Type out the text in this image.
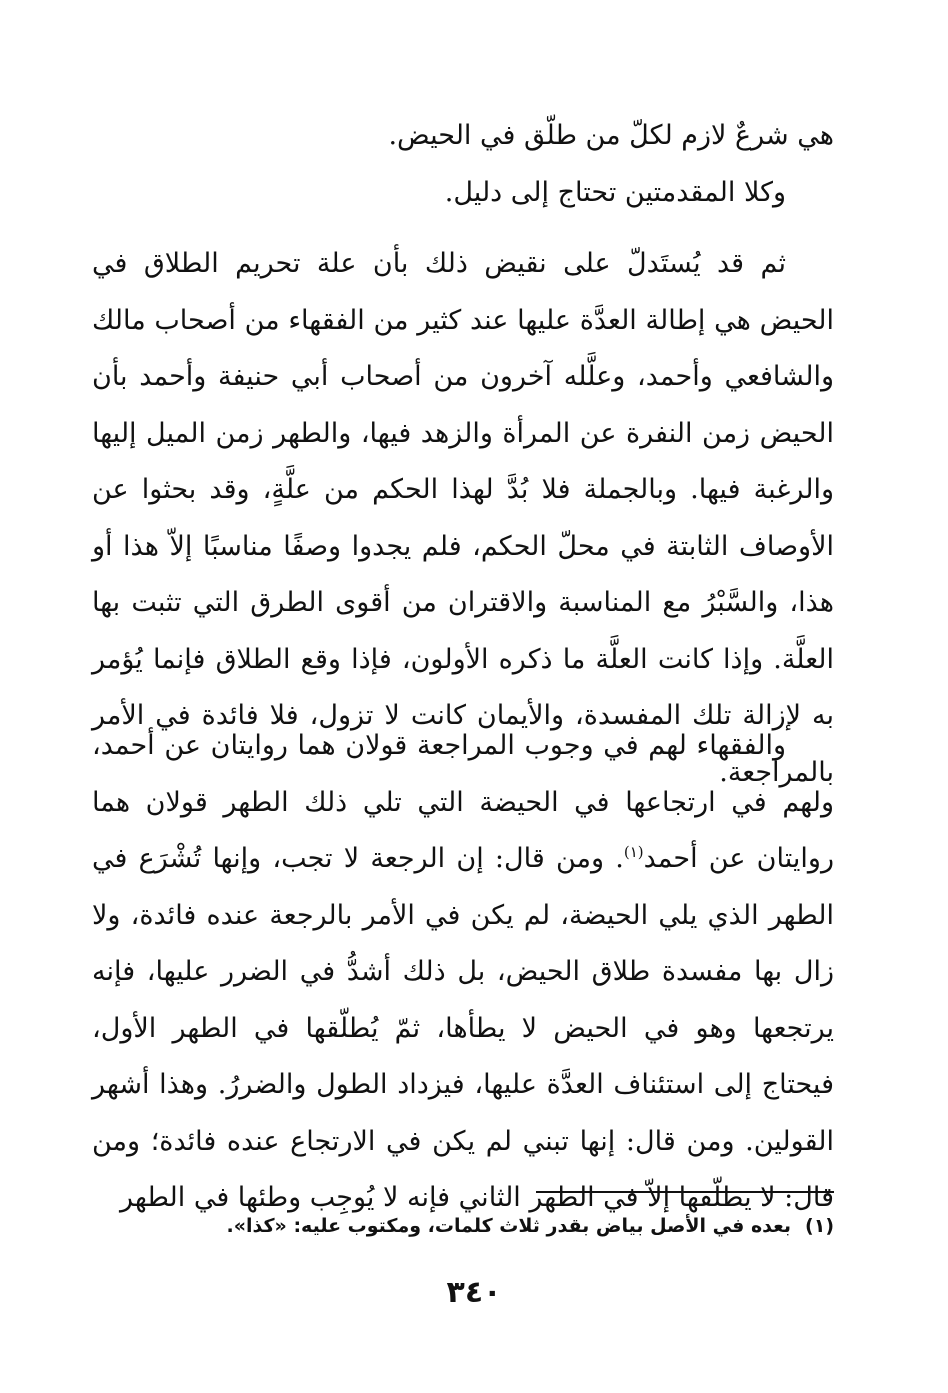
هي شرعٌ لازم لكلّ من طلّق في الحيض.

وكلا المقدمتين تحتاج إلى دليل.

ثم قد يُستَدلّ على نقيض ذلك بأن علة تحريم الطلاق في الحيض هي إطالة العدَّة عليها عند كثير من الفقهاء من أصحاب مالك والشافعي وأحمد، وعلَّله آخرون من أصحاب أبي حنيفة وأحمد بأن الحيض زمن النفرة عن المرأة والزهد فيها، والطهر زمن الميل إليها والرغبة فيها. وبالجملة فلا بُدَّ لهذا الحكم من علَّةٍ، وقد بحثوا عن الأوصاف الثابتة في محلّ الحكم، فلم يجدوا وصفًا مناسبًا إلاّ هذا أو هذا، والسَّبْرُ مع المناسبة والاقتران من أقوى الطرق التي تثبت بها العلَّة. وإذا كانت العلَّة ما ذكره الأولون، فإذا وقع الطلاق فإنما يُؤمر به لإزالة تلك المفسدة، والأيمان كانت لا تزول، فلا فائدة في الأمر بالمراجعة.

والفقهاء لهم في وجوب المراجعة قولان هما روايتان عن أحمد، ولهم في ارتجاعها في الحيضة التي تلي ذلك الطهر قولان هما روايتان عن أحمد$^{(١)}$. ومن قال: إن الرجعة لا تجب، وإنها تُشْرَع في الطهر الذي يلي الحيضة، لم يكن في الأمر بالرجعة عنده فائدة، ولا زال بها مفسدة طلاق الحيض، بل ذلك أشدُّ في الضرر عليها، فإنه يرتجعها وهو في الحيض لا يطأها، ثمّ يُطلّقها في الطهر الأول، فيحتاج إلى استئناف العدَّة عليها، فيزداد الطول والضررُ. وهذا أشهر القولين. ومن قال: إنها تبني لم يكن في الارتجاع عنده فائدة؛ ومن قال: لا يطلّقها إلاّ في الطهر الثاني فإنه لا يُوجِب وطئها في الطهر

(١)بعده في الأصل بياض بقدر ثلاث كلمات، ومكتوب عليه: «كذا».
٣٤٠
